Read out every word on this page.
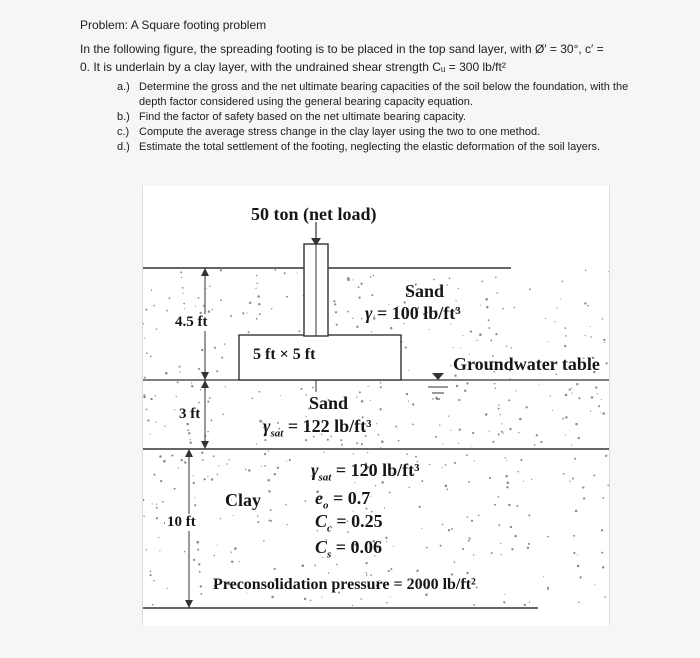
Problem: A Square footing problem
In the following figure, the spreading footing is to be placed in the top sand layer, with Ø′ = 30°, c′ =
0. It is underlain by a clay layer, with the undrained shear strength Cᵤ = 300 lb/ft²
a.) Determine the gross and the net ultimate bearing capacities of the soil below the foundation, with the depth factor considered using the general bearing capacity equation.
b.) Find the factor of safety based on the net ultimate bearing capacity.
c.) Compute the average stress change in the clay layer using the two to one method.
d.) Estimate the total settlement of the footing, neglecting the elastic deformation of the soil layers.
50 ton (net load)
Sand
γ = 100 lb/ft³
4.5 ft
5 ft × 5 ft	Groundwater table
Sand
3 ft
$\gamma_{sat} = 122$ lb/ft³
$\gamma_{sat} = 120$ lb/ft³
Clay	$e_o = 0.7$
10 ft	$C_c = 0.25$
$C_s = 0.06$
Preconsolidation pressure = 2000 lb/ft²
